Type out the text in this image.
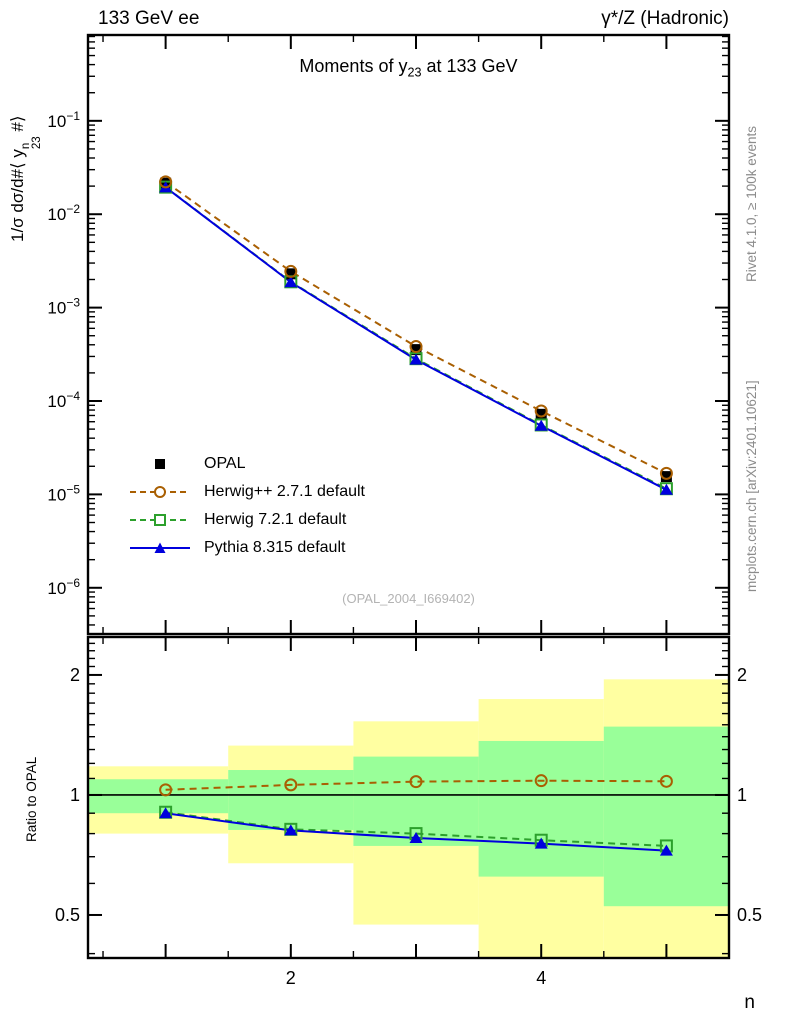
$10^{-1}$
$10^{-2}$
$10^{-3}$
$10^{-4}$
$10^{-5}$
$10^{-6}$
2	2
1	1
0.5	0.5
2	4
n
133 GeV ee	γ*/Z (Hadronic)
Moments of $y_{23}$ at 133 GeV
1/σ dσ/d#⟨ y
n
23
#⟩
Ratio to OPAL
Rivet 4.1.0, ≥ 100k events
mcplots.cern.ch [arXiv:2401.10621]
(OPAL_2004_I669402)
OPAL
Herwig++ 2.7.1 default
Herwig 7.2.1 default
Pythia 8.315 default
